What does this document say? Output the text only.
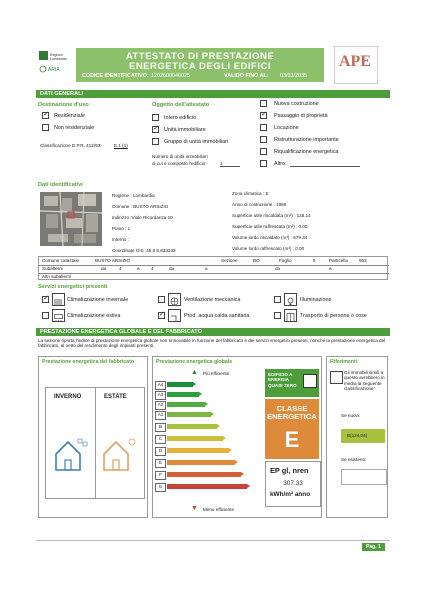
Regione
Lombardia
ARIA
ATTESTATO DI PRESTAZIONE
ENERGETICA DEGLI EDIFICI
CODICE IDENTIFICATIVO: 1202600046025	VALIDO FINO AL: 03/03/2035
APE
DATI GENERALI
Destinazione d'uso
✓
Residenziale
Non residenziale
Classificazione D.P.R. 412/93:	E.1 (1)
Oggetto dell'attestato
Intero edificio
✓
Unità immobiliare
Gruppo di unità immobiliari
Numero di unità immobiliari
di cui è composto l'edificio:	1
Nuova costruzione
✓
Passaggio di proprietà
Locazione
Ristrutturazione importante
Riqualificazione energetica
Altro:
Dati identificativi
Regione : Lombardia
Comune : BUSTO ARSIZIO
Indirizzo :Viale Ricordanza 10
Piano : 1
Interno :
Coordinate GIS :45,6 8,833333
Zona climatica : E
Anno di costruzione : 1989
Superficie utile riscaldata (m²) : 138.14
Superficie utile raffrescata (m²) : 0.00
Volume lordo riscaldato (m³) : 679.34
Volume lordo raffrescato (m³) : 0.00
Comune catastale	BUSTO ARSIZIO	Sezione	BO	Foglio	5	Particella 963
Subalterni	da	4	a 4	da	a	da	a
Altri subalterni
Servizi energetici presenti
✓
Climatizzazione invernale
Climatizzazione estiva
Ventilazione meccanica
✓
Prod. acqua calda sanitaria
Illuminazione
Trasporto di persone o cose
PRESTAZIONE ENERGETICA GLOBALE E DEL FABBRICATO
La sezione riporta l'indice di prestazione energetica globale non rinnovabile in funzione del fabbricato e dei servizi energetici presenti, nonché la prestazione energetica del fabbricato, al netto del rendimento degli impianti presenti.
Prestazione energetica del fabbricato
INVERNO	ESTATE
Prestazione energetica globale
Più efficiente
▲
A4
A3
A2
A1
B
C
D
E
F
G
▼ Meno efficiente
EDIFICIO A ENERGIA QUASI ZERO
CLASSE ENERGETICA
E
EP gl, nren
307.33
kWh/m² anno
Riferimenti
Gli immobili simili a questo avrebbero in media la seguente classificazione:
Se nuovi:
B(124.04)
Se esistenti:
Pag. 1
